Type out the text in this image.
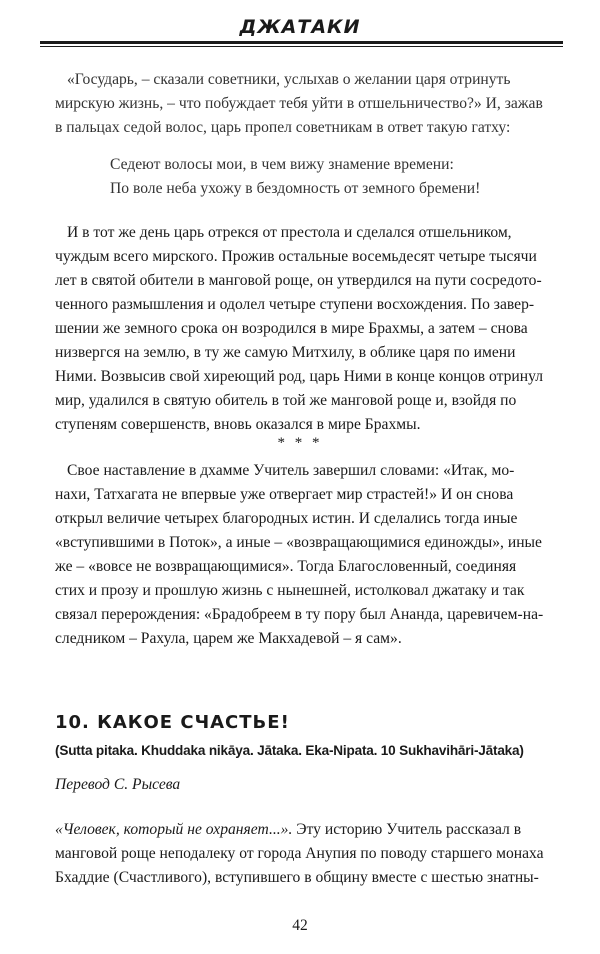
ДЖАТАКИ

«Государь, – сказали советники, услыхав о желании царя отринуть

мирскую жизнь, – что побуждает тебя уйти в отшельничество?» И, зажав

в пальцах седой волос, царь пропел советникам в ответ такую гатху:

Седеют волосы мои, в чем вижу знамение времени:
По воле неба ухожу в бездомность от земного бремени!

И в тот же день царь отрекся от престола и сделался отшельником,

чуждым всего мирского. Прожив остальные восемьдесят четыре тысячи

лет в святой обители в манговой роще, он утвердился на пути сосредото-

ченного размышления и одолел четыре ступени восхождения. По завер-

шении же земного срока он возродился в мире Брахмы, а затем – снова

низвергся на землю, в ту же самую Митхилу, в облике царя по имени

Ними. Возвысив свой хиреющий род, царь Ними в конце концов отринул

мир, удалился в святую обитель в той же манговой роще и, взойдя по

ступеням совершенств, вновь оказался в мире Брахмы.

* * *

Свое наставление в дхамме Учитель завершил словами: «Итак, мо-

нахи, Татхагата не впервые уже отвергает мир страстей!» И он снова

открыл величие четырех благородных истин. И сделались тогда иные

«вступившими в Поток», а иные – «возвращающимися единожды», иные

же – «вовсе не возвращающимися». Тогда Благословенный, соединяя

стих и прозу и прошлую жизнь с нынешней, истолковал джатаку и так

связал перерождения: «Брадобреем в ту пору был Ананда, царевичем-на-

следником – Рахула, царем же Макхадевой – я сам».

10. КАКОЕ СЧАСТЬЕ!
(Sutta pitaka. Khuddaka nikāya. Jātaka. Eka-Nipata. 10 Sukhavihāri-Jātaka)
Перевод С. Рысева

«Человек, который не охраняет...». Эту историю Учитель рассказал в

манговой роще неподалеку от города Анупия по поводу старшего монаха

Бхаддие (Счастливого), вступившего в общину вместе с шестью знатны-

42
